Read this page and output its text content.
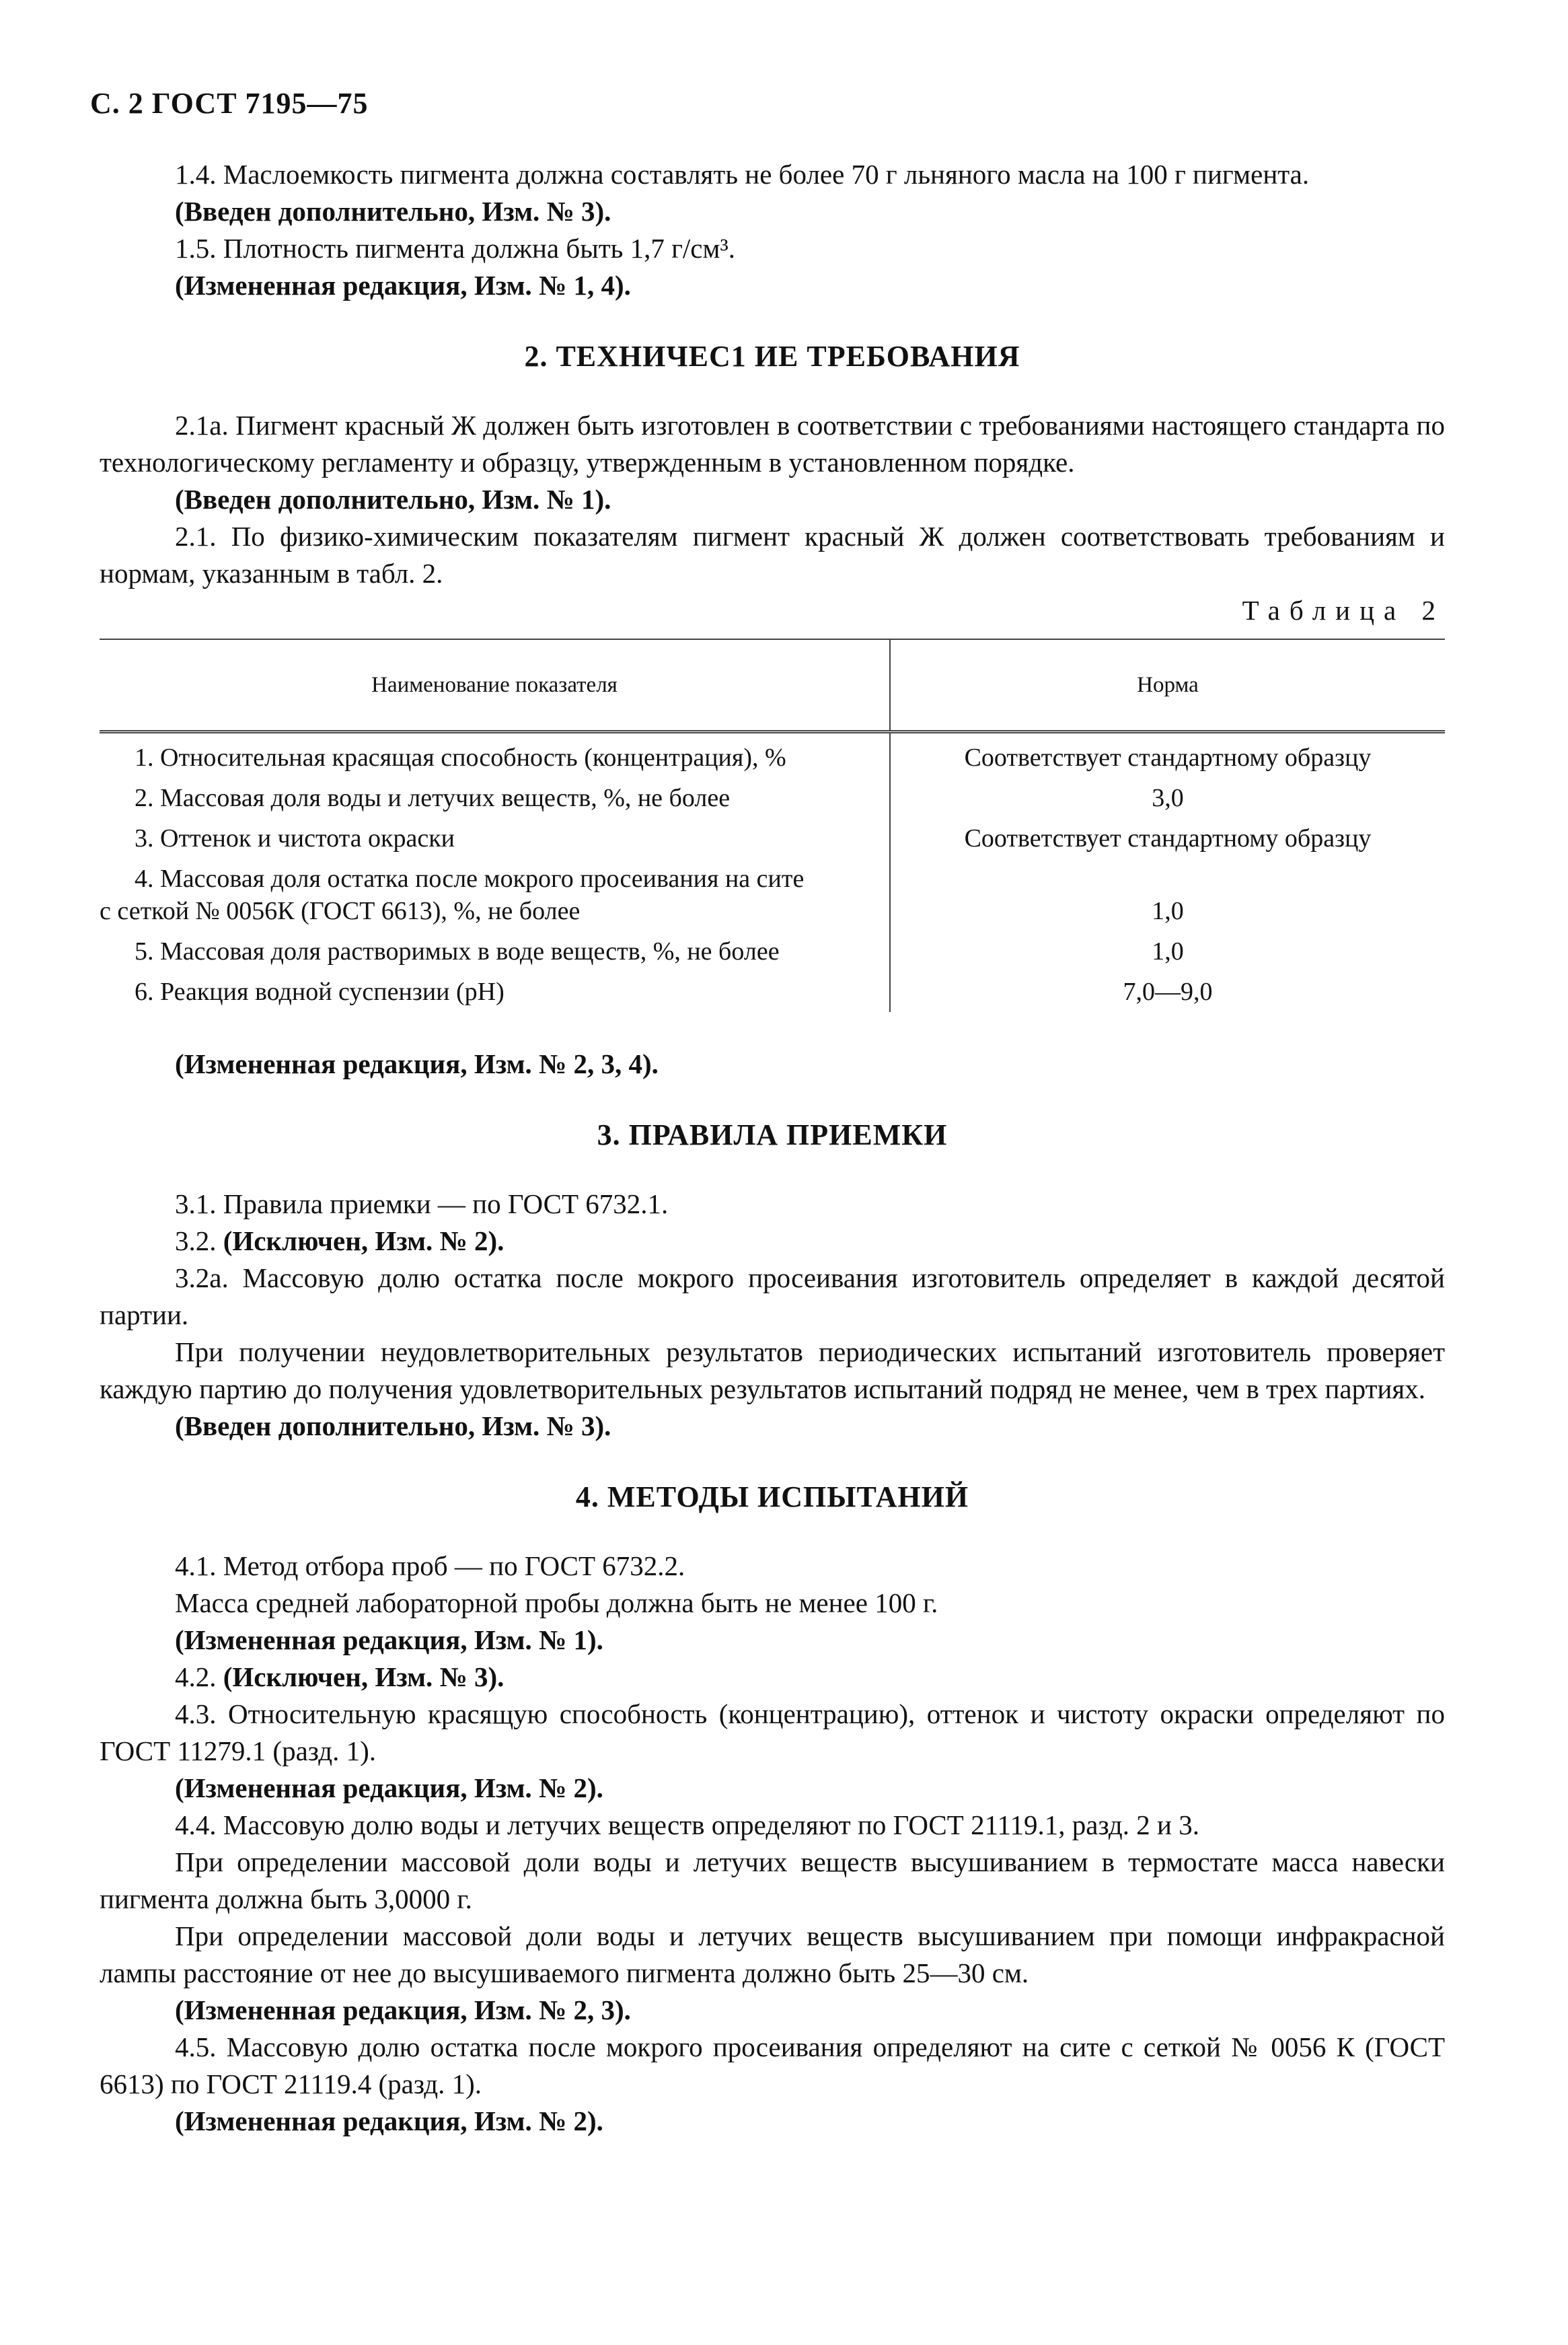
С. 2 ГОСТ 7195—75

1.4. Маслоемкость пигмента должна составлять не более 70 г льняного масла на 100 г пигмента.

(Введен дополнительно, Изм. № 3).

1.5. Плотность пигмента должна быть 1,7 г/см³.

(Измененная редакция, Изм. № 1, 4).

2. ТЕХНИЧЕС1 ИЕ ТРЕБОВАНИЯ

2.1а. Пигмент красный Ж должен быть изготовлен в соответствии с требованиями настоящего стандарта по технологическому регламенту и образцу, утвержденным в установленном порядке.

(Введен дополнительно, Изм. № 1).

2.1. По физико-химическим показателям пигмент красный Ж должен соответствовать требованиям и нормам, указанным в табл. 2.

Таблица 2

Наименование показателя	Норма
1. Относительная красящая способность (концентрация), %	Соответствует стандартному образцу
2. Массовая доля воды и летучих веществ, %, не более	3,0
3. Оттенок и чистота окраски	Соответствует стандартному образцу

4. Массовая доля остатка после мокрого просеивания на сите
с сеткой № 0056К (ГОСТ 6613), %, не более	1,0
5. Массовая доля растворимых в воде веществ, %, не более	1,0
6. Реакция водной суспензии (рН)	7,0—9,0

(Измененная редакция, Изм. № 2, 3, 4).

3. ПРАВИЛА ПРИЕМКИ

3.1. Правила приемки — по ГОСТ 6732.1.

3.2. (Исключен, Изм. № 2).

3.2а. Массовую долю остатка после мокрого просеивания изготовитель определяет в каждой десятой партии.

При получении неудовлетворительных результатов периодических испытаний изготовитель проверяет каждую партию до получения удовлетворительных результатов испытаний подряд не менее, чем в трех партиях.

(Введен дополнительно, Изм. № 3).

4. МЕТОДЫ ИСПЫТАНИЙ

4.1. Метод отбора проб — по ГОСТ 6732.2.

Масса средней лабораторной пробы должна быть не менее 100 г.

(Измененная редакция, Изм. № 1).

4.2. (Исключен, Изм. № 3).

4.3. Относительную красящую способность (концентрацию), оттенок и чистоту окраски определяют по ГОСТ 11279.1 (разд. 1).

(Измененная редакция, Изм. № 2).

4.4. Массовую долю воды и летучих веществ определяют по ГОСТ 21119.1, разд. 2 и 3.

При определении массовой доли воды и летучих веществ высушиванием в термостате масса навески пигмента должна быть 3,0000 г.

При определении массовой доли воды и летучих веществ высушиванием при помощи инфракрасной лампы расстояние от нее до высушиваемого пигмента должно быть 25—30 см.

(Измененная редакция, Изм. № 2, 3).

4.5. Массовую долю остатка после мокрого просеивания определяют на сите с сеткой № 0056 К (ГОСТ 6613) по ГОСТ 21119.4 (разд. 1).

(Измененная редакция, Изм. № 2).
